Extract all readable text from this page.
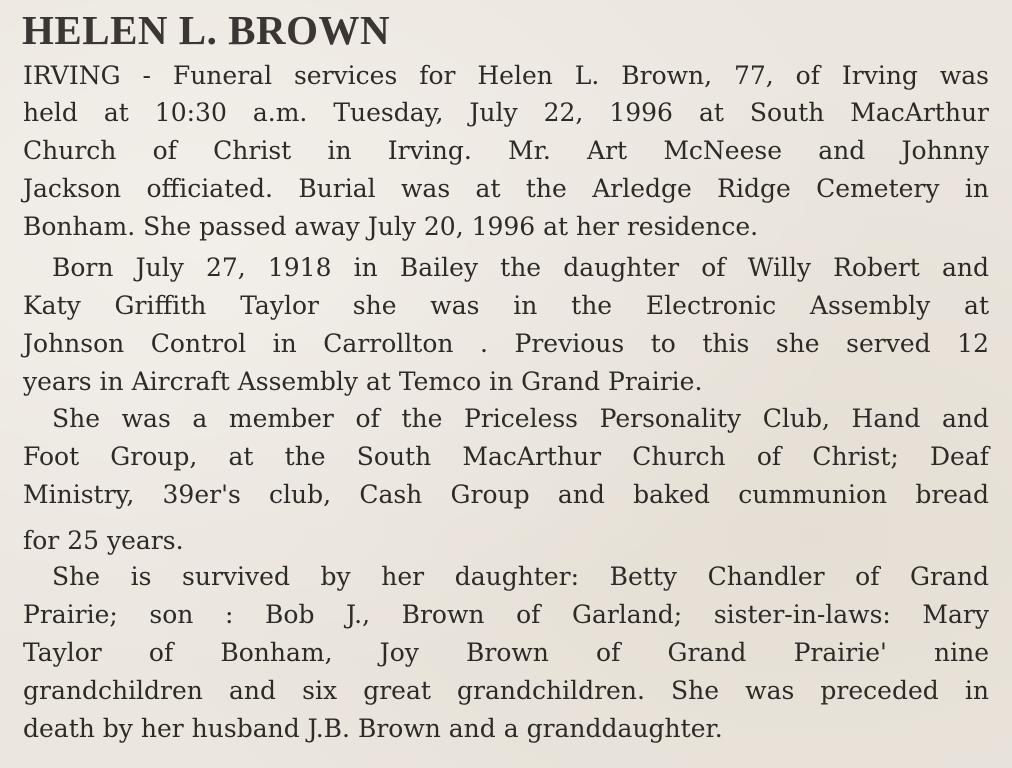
HELEN L. BROWN
IRVING - Funeral services for Helen L. Brown, 77, of Irving was
held at 10:30 a.m. Tuesday, July 22, 1996 at South MacArthur
Church of Christ in Irving. Mr. Art McNeese and Johnny
Jackson officiated. Burial was at the Arledge Ridge Cemetery in
Bonham. She passed away July 20, 1996 at her residence.
Born July 27, 1918 in Bailey the daughter of Willy Robert and
Katy Griffith Taylor she was in the Electronic Assembly at
Johnson Control in Carrollton . Previous to this she served 12
years in Aircraft Assembly at Temco in Grand Prairie.
She was a member of the Priceless Personality Club, Hand and
Foot Group, at the South MacArthur Church of Christ; Deaf
Ministry, 39er's club, Cash Group and baked cummunion bread
for 25 years.
She is survived by her daughter: Betty Chandler of Grand
Prairie; son : Bob J., Brown of Garland; sister-in-laws: Mary
Taylor of Bonham, Joy Brown of Grand Prairie' nine
grandchildren and six great grandchildren. She was preceded in
death by her husband J.B. Brown and a granddaughter.
